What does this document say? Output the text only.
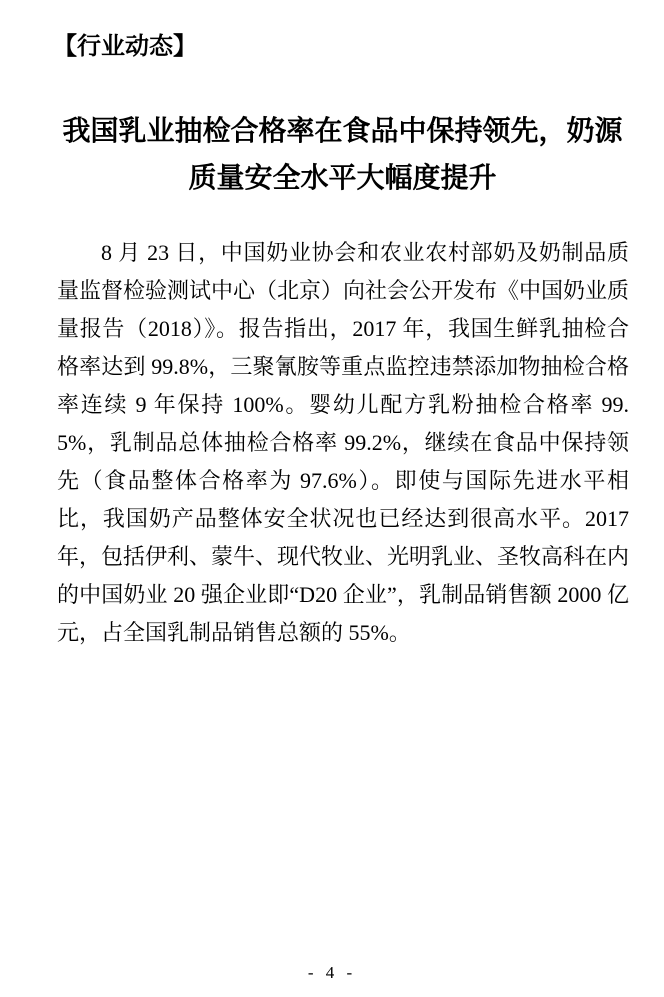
【行业动态】
我国乳业抽检合格率在食品中保持领先，奶源
质量安全水平大幅度提升

8 月 23 日，中国奶业协会和农业农村部奶及奶制品质量监督检验测试中心（北京）向社会公开发布《中国奶业质量报告（2018）》。报告指出，2017 年，我国生鲜乳抽检合格率达到 99.8%，三聚氰胺等重点监控违禁添加物抽检合格率连续 9 年保持 100%。婴幼儿配方乳粉抽检合格率 99.5%，乳制品总体抽检合格率 99.2%，继续在食品中保持领先（食品整体合格率为 97.6%）。即使与国际先进水平相比，我国奶产品整体安全状况也已经达到很高水平。2017 年，包括伊利、蒙牛、现代牧业、光明乳业、圣牧高科在内的中国奶业 20 强企业即“D20 企业”，乳制品销售额 2000 亿元，占全国乳制品销售总额的 55%。

- 4 -
